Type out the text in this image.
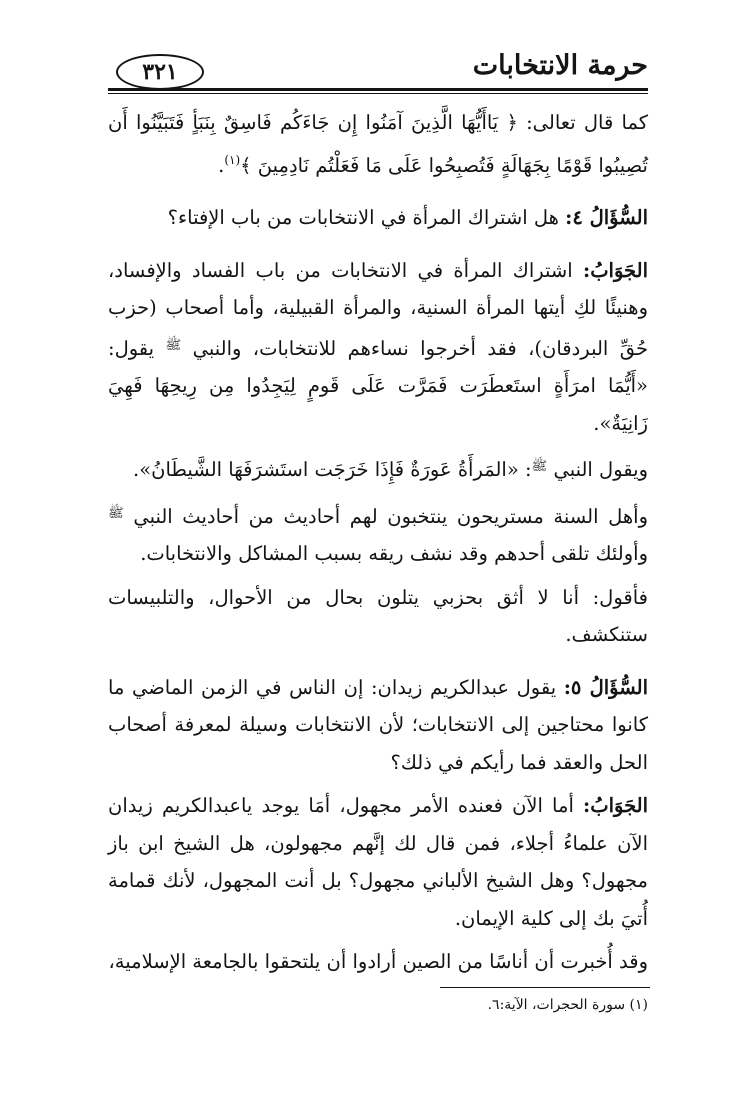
حرمة الانتخابات
٣٢١

كما قال تعالى: ﴿ يَاأَيُّهَا الَّذِينَ آمَنُوا إِن جَاءَكُم فَاسِقٌ بِنَبَأٍ فَتَبَيَّنُوا أَن تُصِيبُوا قَوْمًا بِجَهَالَةٍ فَتُصبِحُوا عَلَى مَا فَعَلْتُم نَادِمِينَ ﴾$^{(١)}$.

السُّؤَالُ ٤: هل اشتراك المرأة في الانتخابات من باب الإفتاء؟

الجَوَابُ: اشتراك المرأة في الانتخابات من باب الفساد والإفساد، وهنيئًا لكِ أيتها المرأة السنية، والمرأة القبيلية، وأما أصحاب (حزب حُقِّ البردقان)، فقد أخرجوا نساءهم للانتخابات، والنبي $^ﷺ$ يقول: «أَيُّمَا امرَأَةٍ استَعطَرَت فَمَرَّت عَلَى قَومٍ لِيَجِدُوا مِن رِيحِهَا فَهِيَ زَانِيَةٌ».

ويقول النبي $^ﷺ$: «المَرأَةُ عَورَةٌ فَإِذَا خَرَجَت استَشرَفَهَا الشَّيطَانُ».

وأهل السنة مستريحون ينتخبون لهم أحاديث من أحاديث النبي $^ﷺ$ وأولئك تلقى أحدهم وقد نشف ريقه بسبب المشاكل والانتخابات.

فأقول: أنا لا أثق بحزبي يتلون بحال من الأحوال، والتلبيسات ستنكشف.

السُّؤَالُ ٥: يقول عبدالكريم زيدان: إن الناس في الزمن الماضي ما كانوا محتاجين إلى الانتخابات؛ لأن الانتخابات وسيلة لمعرفة أصحاب الحل والعقد فما رأيكم في ذلك؟

الجَوَابُ: أما الآن فعنده الأمر مجهول، أمَا يوجد ياعبدالكريم زيدان الآن علماءُ أجلاء، فمن قال لك إنَّهم مجهولون، هل الشيخ ابن باز مجهول؟ وهل الشيخ الألباني مجهول؟ بل أنت المجهول، لأنك قمامة أُتيَ بك إلى كلية الإيمان.

وقد أُخبرت أن أناسًا من الصين أرادوا أن يلتحقوا بالجامعة الإسلامية،

(١) سورة الحجرات، الآية:٦.
